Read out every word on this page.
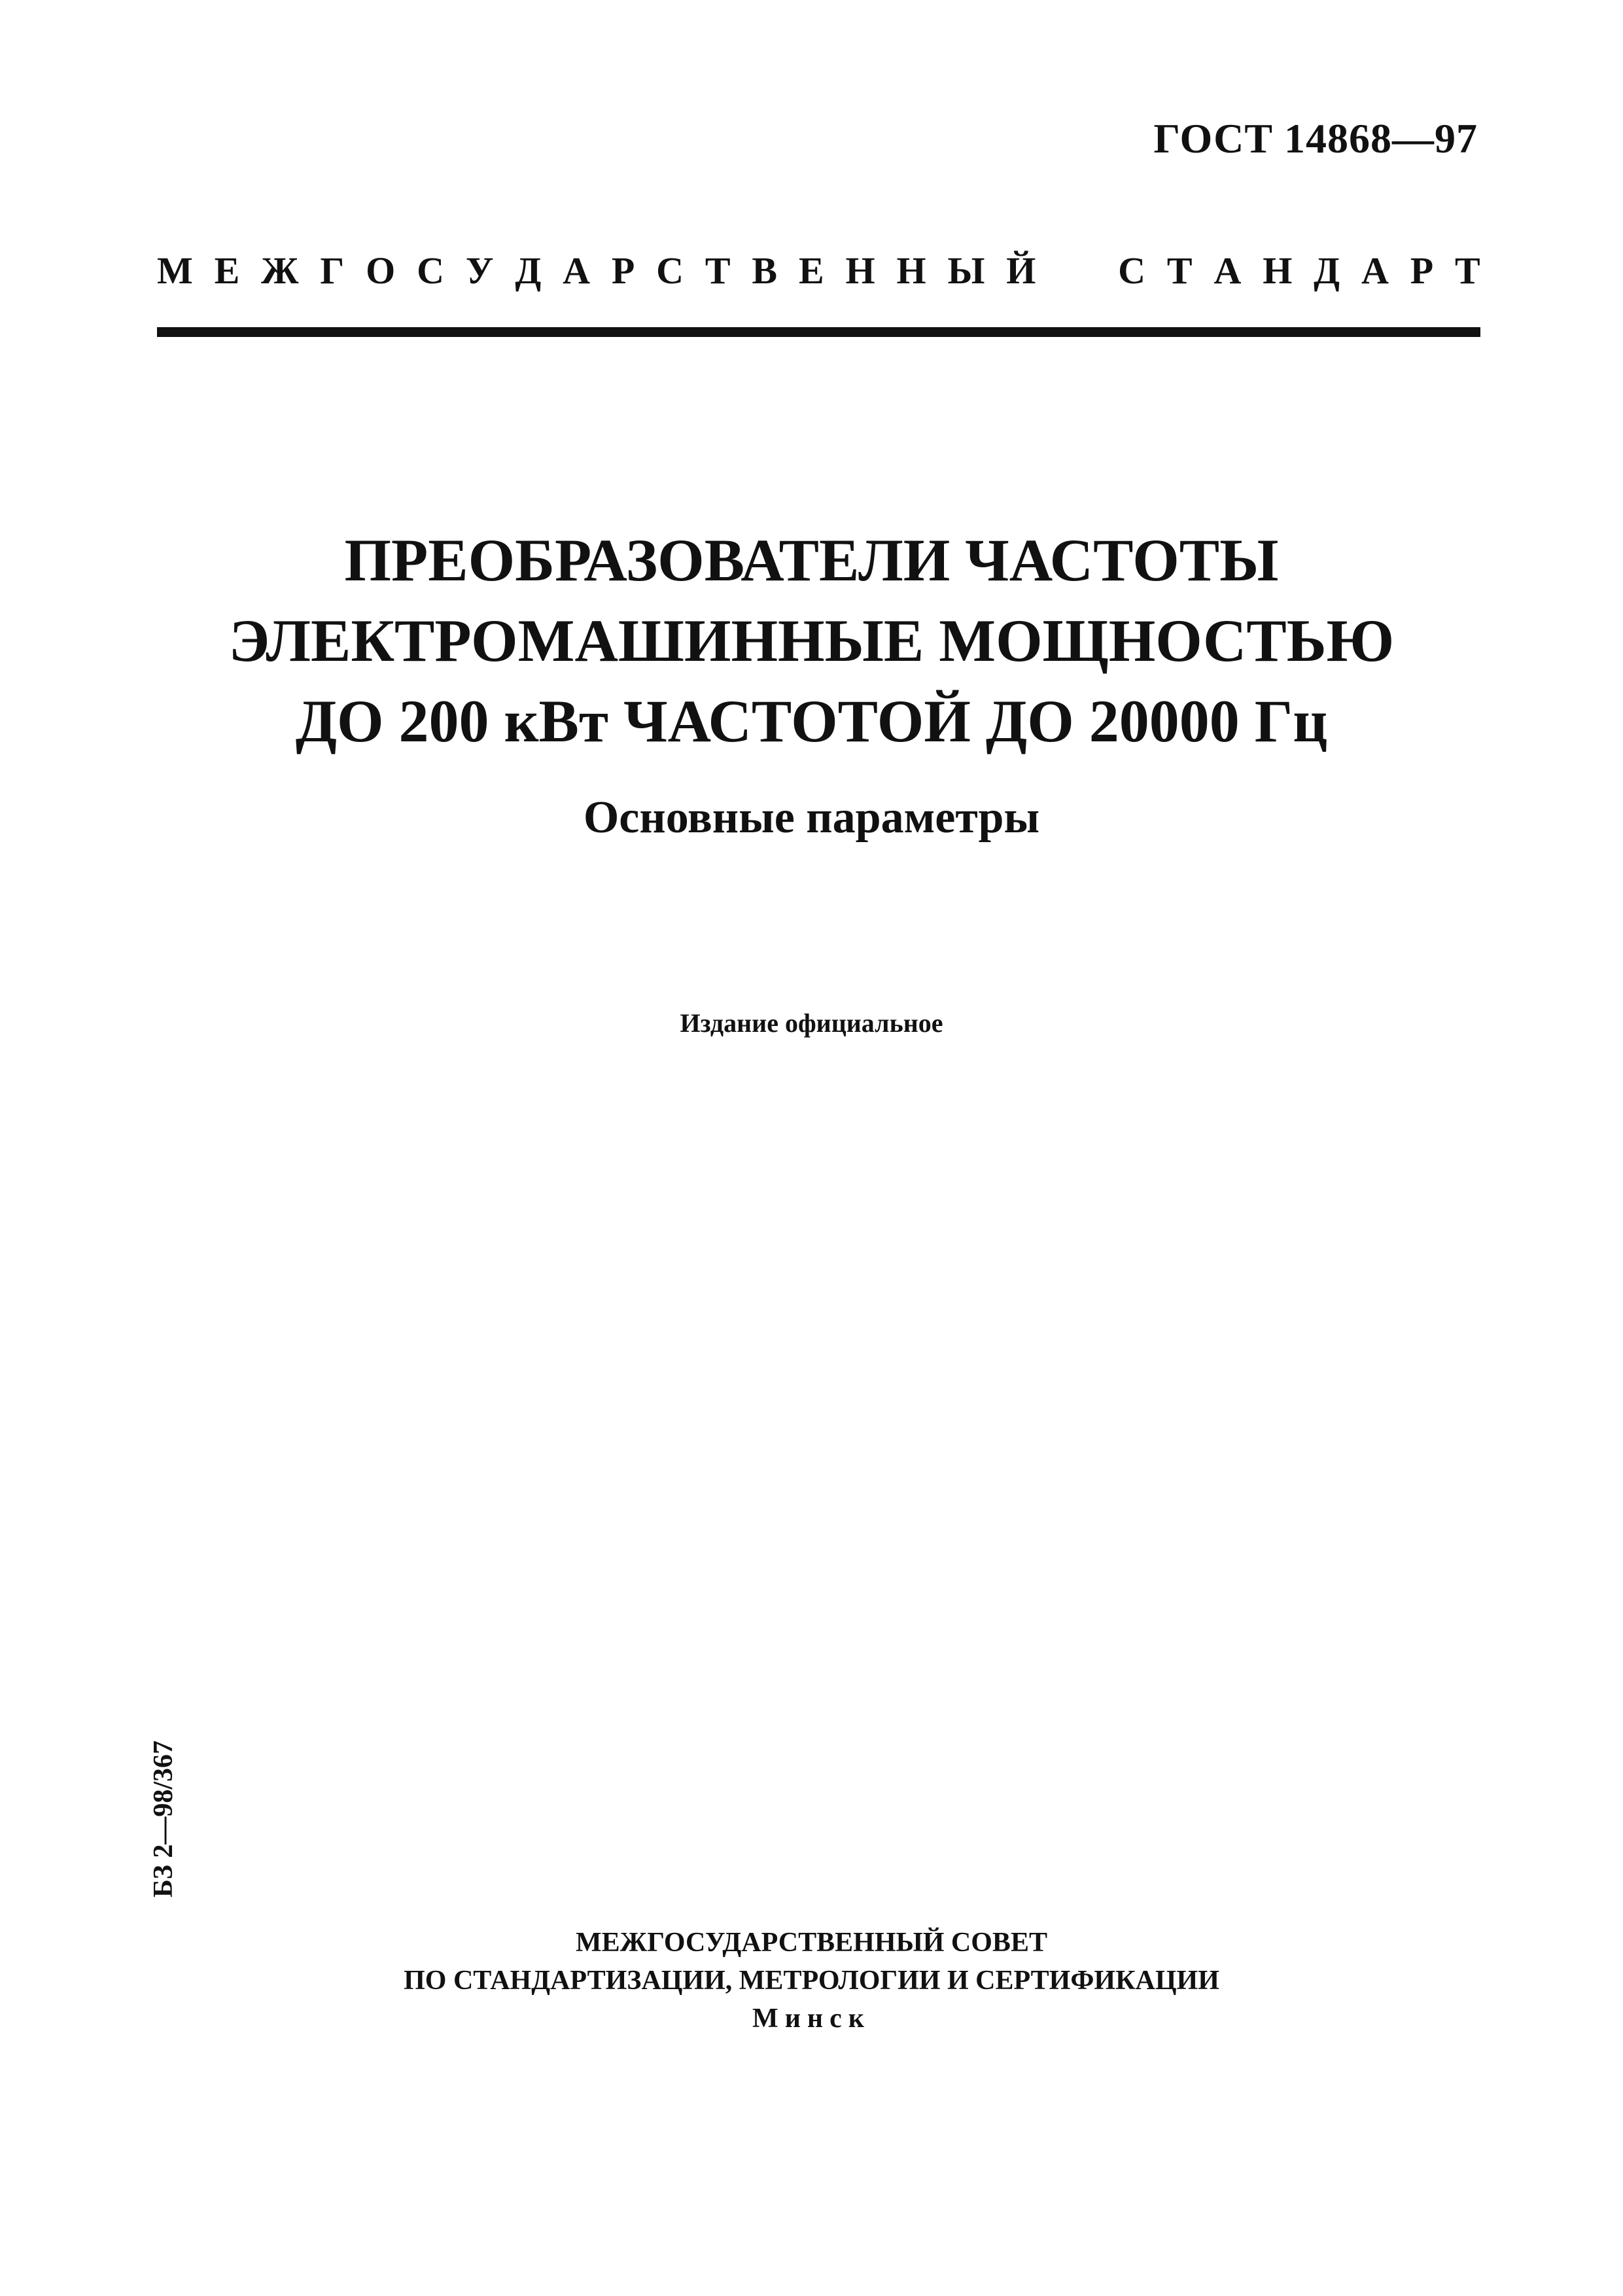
ГОСТ 14868—97
М Е Ж Г О С У Д А Р С Т В Е Н Н Ы Й С Т А Н Д А Р Т
ПРЕОБРАЗОВАТЕЛИ ЧАСТОТЫ
ЭЛЕКТРОМАШИННЫЕ МОЩНОСТЬЮ
ДО 200 кВт ЧАСТОТОЙ ДО 20000 Гц
Основные параметры
Издание официальное
БЗ 2—98/367
МЕЖГОСУДАРСТВЕННЫЙ СОВЕТ
ПО СТАНДАРТИЗАЦИИ, МЕТРОЛОГИИ И СЕРТИФИКАЦИИ
Минск
